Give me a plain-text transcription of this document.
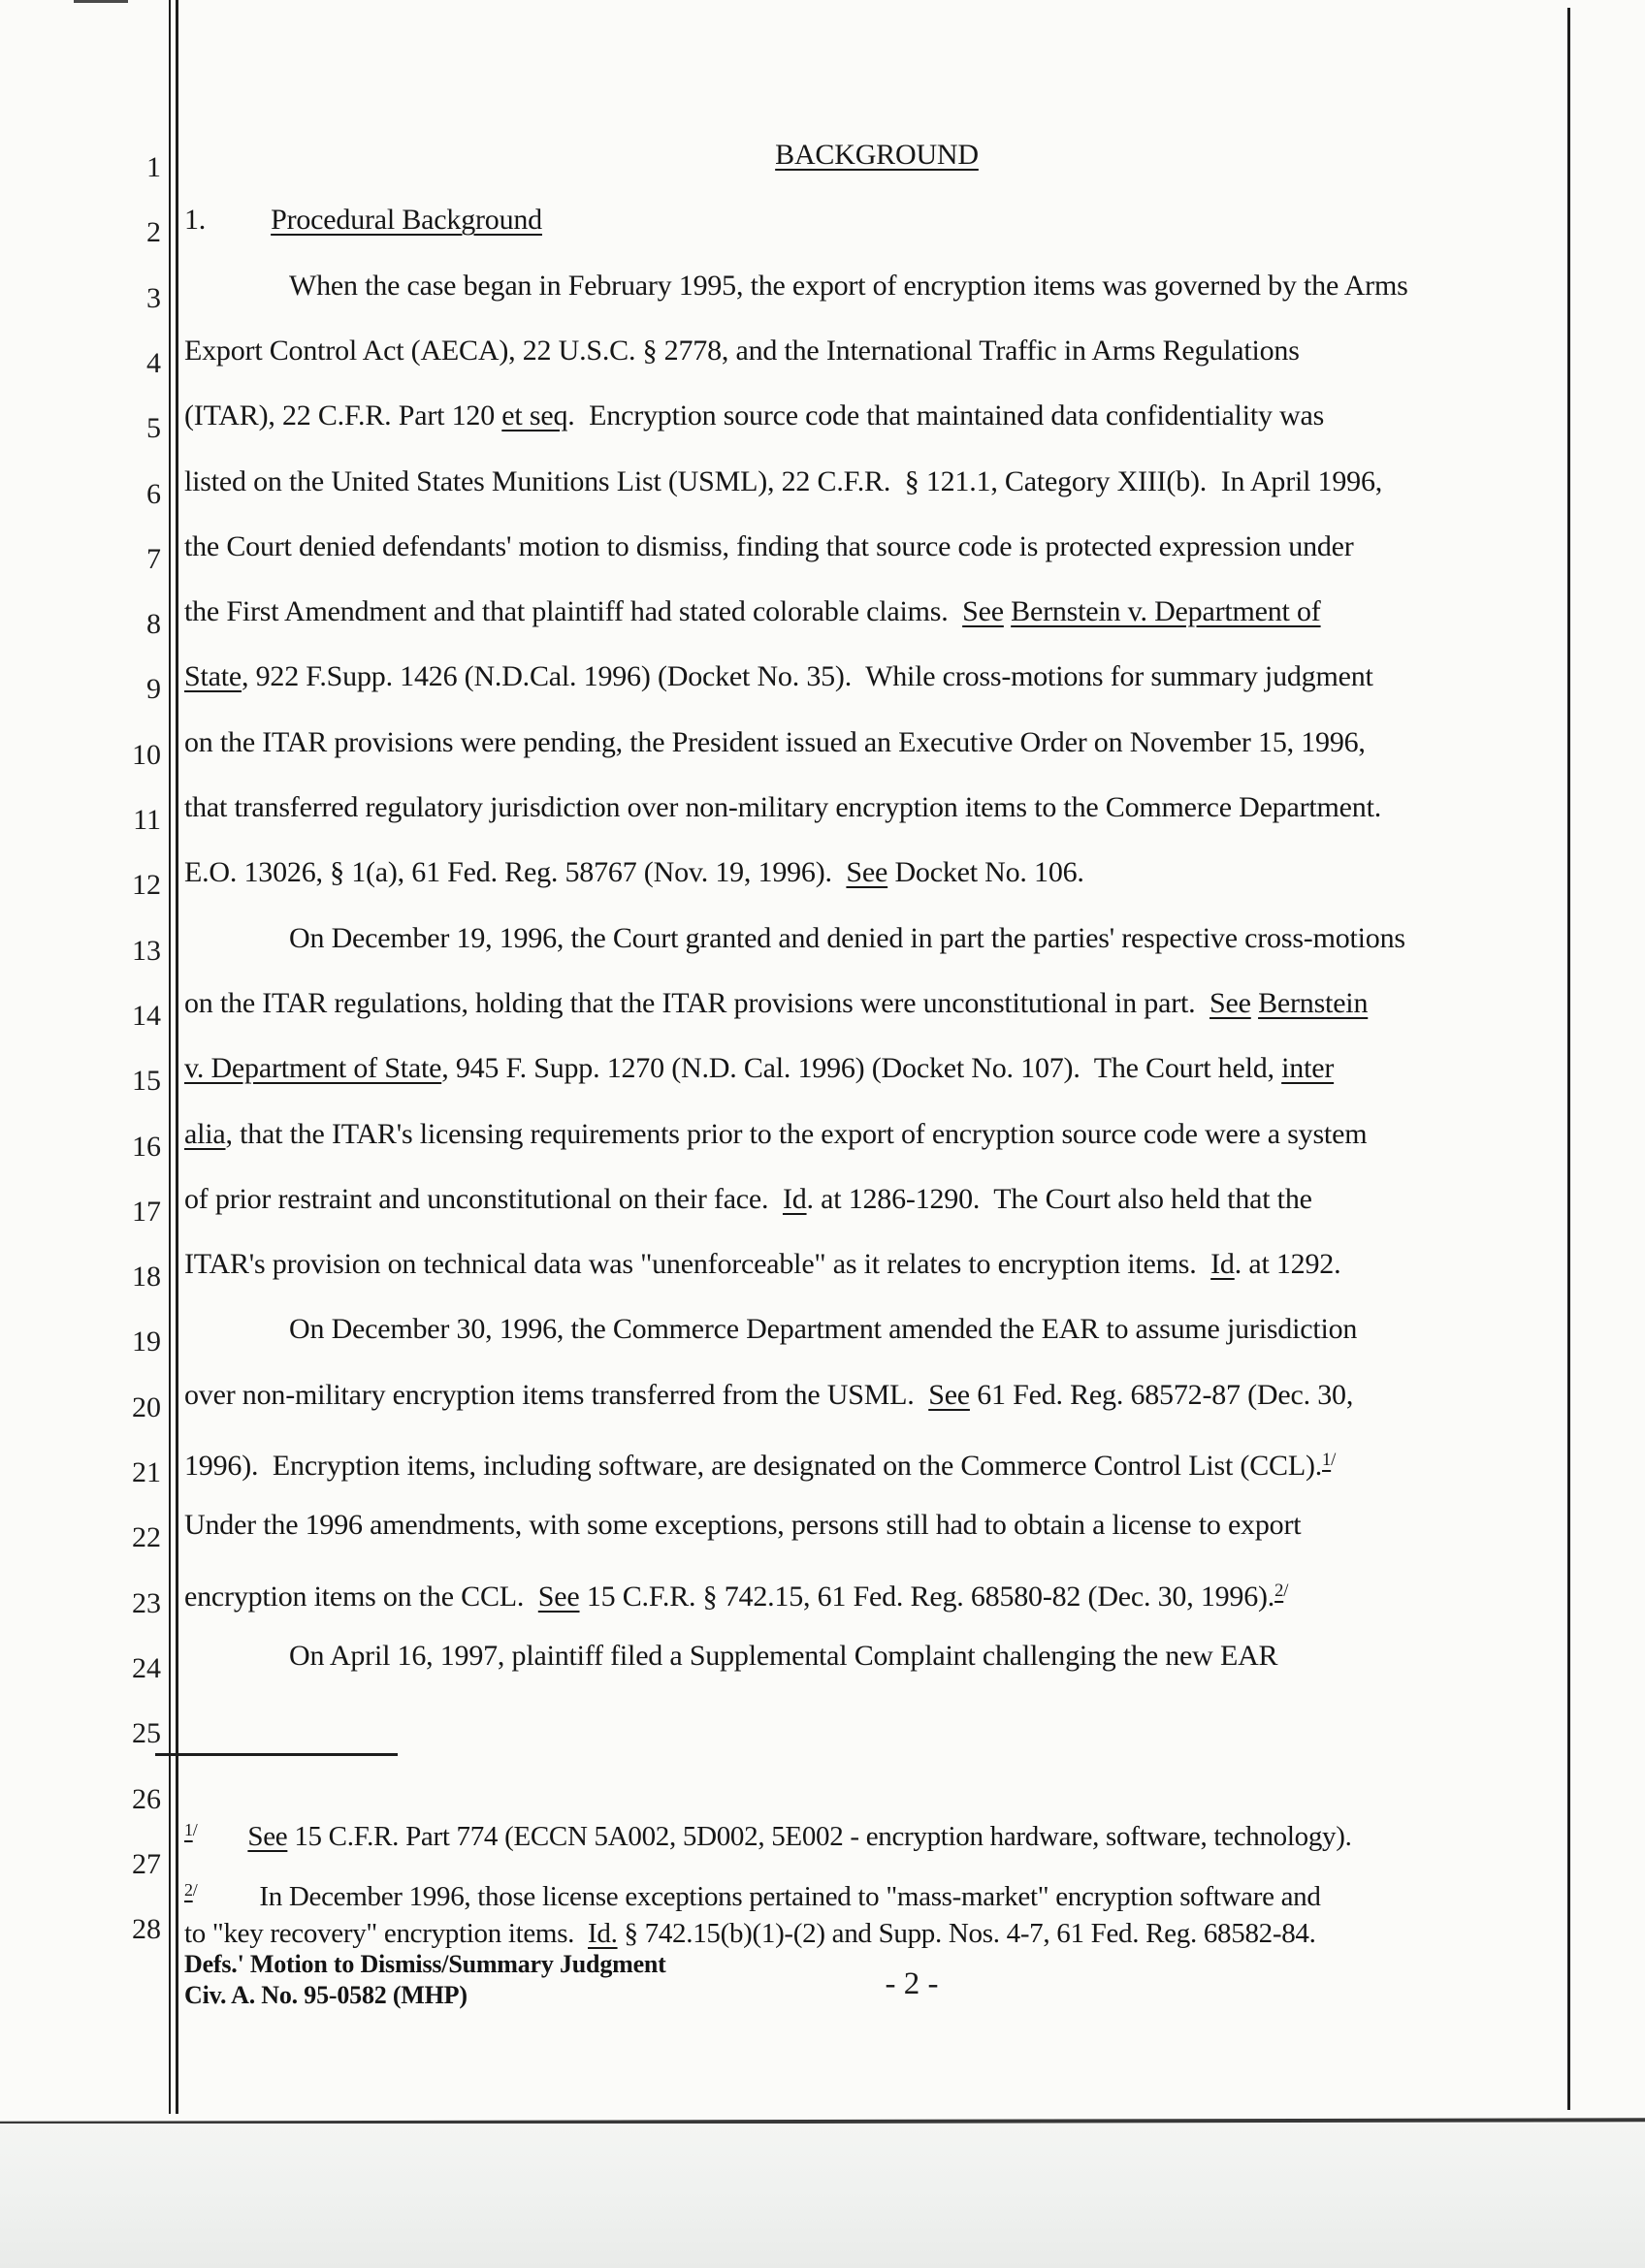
1
2
3
4
5
6
7
8
9
10
11
12
13
14
15
16
17
18
19
20
21
22
23
24
25
26
27
28
BACKGROUND
1. Procedural Background
When the case began in February 1995, the export of encryption items was governed by the Arms
Export Control Act (AECA), 22 U.S.C. § 2778, and the International Traffic in Arms Regulations
(ITAR), 22 C.F.R. Part 120 et seq.  Encryption source code that maintained data confidentiality was
listed on the United States Munitions List (USML), 22 C.F.R.  § 121.1, Category XIII(b).  In April 1996,
the Court denied defendants' motion to dismiss, finding that source code is protected expression under
the First Amendment and that plaintiff had stated colorable claims.  See Bernstein v. Department of
State, 922 F.Supp. 1426 (N.D.Cal. 1996) (Docket No. 35).  While cross-motions for summary judgment
on the ITAR provisions were pending, the President issued an Executive Order on November 15, 1996,
that transferred regulatory jurisdiction over non-military encryption items to the Commerce Department.
E.O. 13026, § 1(a), 61 Fed. Reg. 58767 (Nov. 19, 1996).  See Docket No. 106.
On December 19, 1996, the Court granted and denied in part the parties' respective cross-motions
on the ITAR regulations, holding that the ITAR provisions were unconstitutional in part.  See Bernstein
v. Department of State, 945 F. Supp. 1270 (N.D. Cal. 1996) (Docket No. 107).  The Court held, inter
alia, that the ITAR's licensing requirements prior to the export of encryption source code were a system
of prior restraint and unconstitutional on their face.  Id. at 1286-1290.  The Court also held that the
ITAR's provision on technical data was "unenforceable" as it relates to encryption items.  Id. at 1292.
On December 30, 1996, the Commerce Department amended the EAR to assume jurisdiction
over non-military encryption items transferred from the USML.  See 61 Fed. Reg. 68572-87 (Dec. 30,
1996).  Encryption items, including software, are designated on the Commerce Control List (CCL).$^{1/}$
Under the 1996 amendments, with some exceptions, persons still had to obtain a license to export
encryption items on the CCL.  See 15 C.F.R. § 742.15, 61 Fed. Reg. 68580-82 (Dec. 30, 1996).$^{2/}$
On April 16, 1997, plaintiff filed a Supplemental Complaint challenging the new EAR
$^{1/}$ See 15 C.F.R. Part 774 (ECCN 5A002, 5D002, 5E002 - encryption hardware, software, technology).
$^{2/}$ In December 1996, those license exceptions pertained to "mass-market" encryption software and
to "key recovery" encryption items.  Id. § 742.15(b)(1)-(2) and Supp. Nos. 4-7, 61 Fed. Reg. 68582-84.
Defs.' Motion to Dismiss/Summary Judgment
Civ. A. No. 95-0582 (MHP)	- 2 -
